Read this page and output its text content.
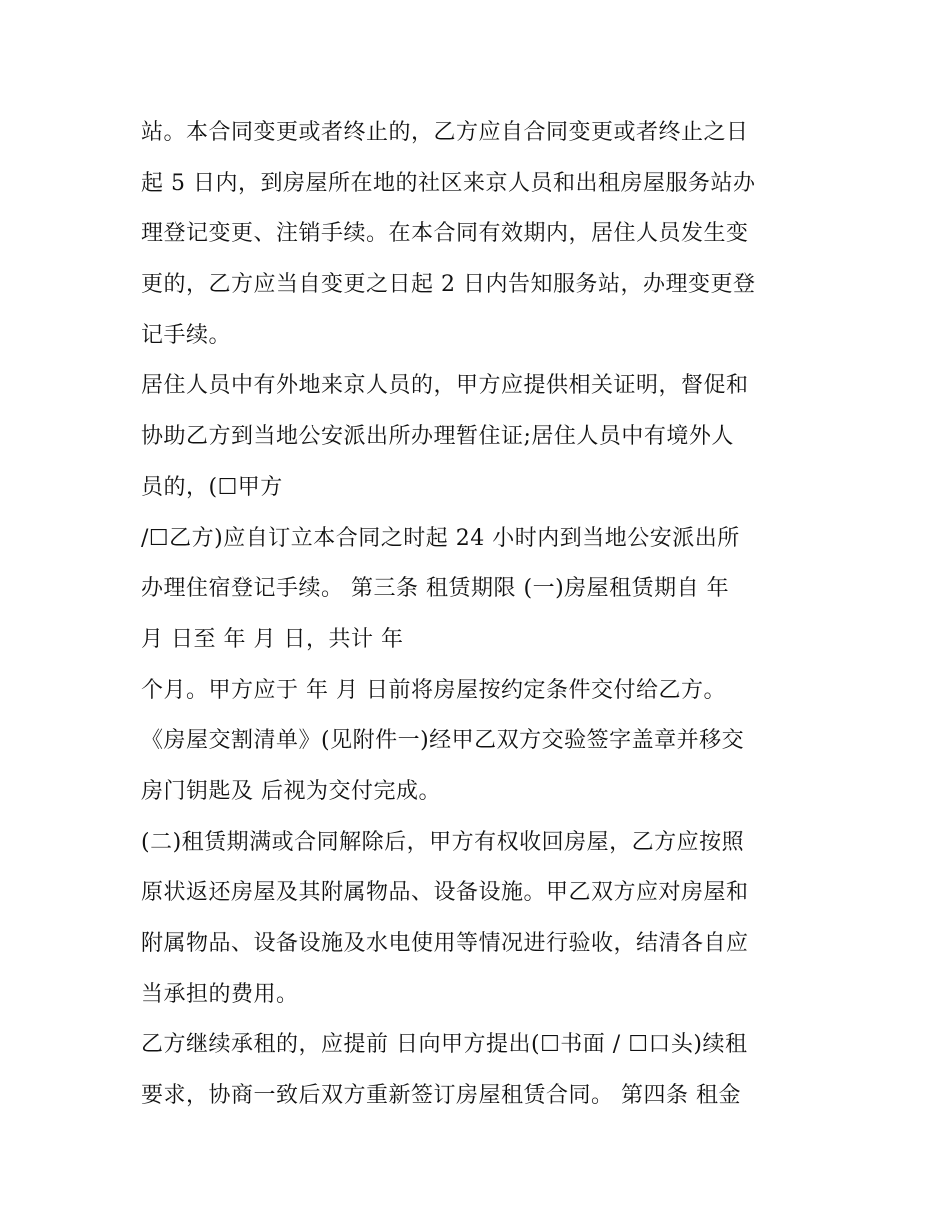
站。本合同变更或者终止的，乙方应自合同变更或者终止之日
起 5 日内，到房屋所在地的社区来京人员和出租房屋服务站办
理登记变更、注销手续。在本合同有效期内，居住人员发生变
更的，乙方应当自变更之日起 2 日内告知服务站，办理变更登
记手续。
居住人员中有外地来京人员的，甲方应提供相关证明，督促和
协助乙方到当地公安派出所办理暂住证;居住人员中有境外人
员的，(☐甲方
/☐乙方)应自订立本合同之时起 24 小时内到当地公安派出所
办理住宿登记手续。 第三条 租赁期限 (一)房屋租赁期自 年
月 日至 年 月 日，共计 年
个月。甲方应于 年 月 日前将房屋按约定条件交付给乙方。
《房屋交割清单》(见附件一)经甲乙双方交验签字盖章并移交
房门钥匙及 后视为交付完成。
(二)租赁期满或合同解除后，甲方有权收回房屋，乙方应按照
原状返还房屋及其附属物品、设备设施。甲乙双方应对房屋和
附属物品、设备设施及水电使用等情况进行验收，结清各自应
当承担的费用。
乙方继续承租的，应提前 日向甲方提出(☐书面 / ☐口头)续租
要求，协商一致后双方重新签订房屋租赁合同。 第四条 租金
